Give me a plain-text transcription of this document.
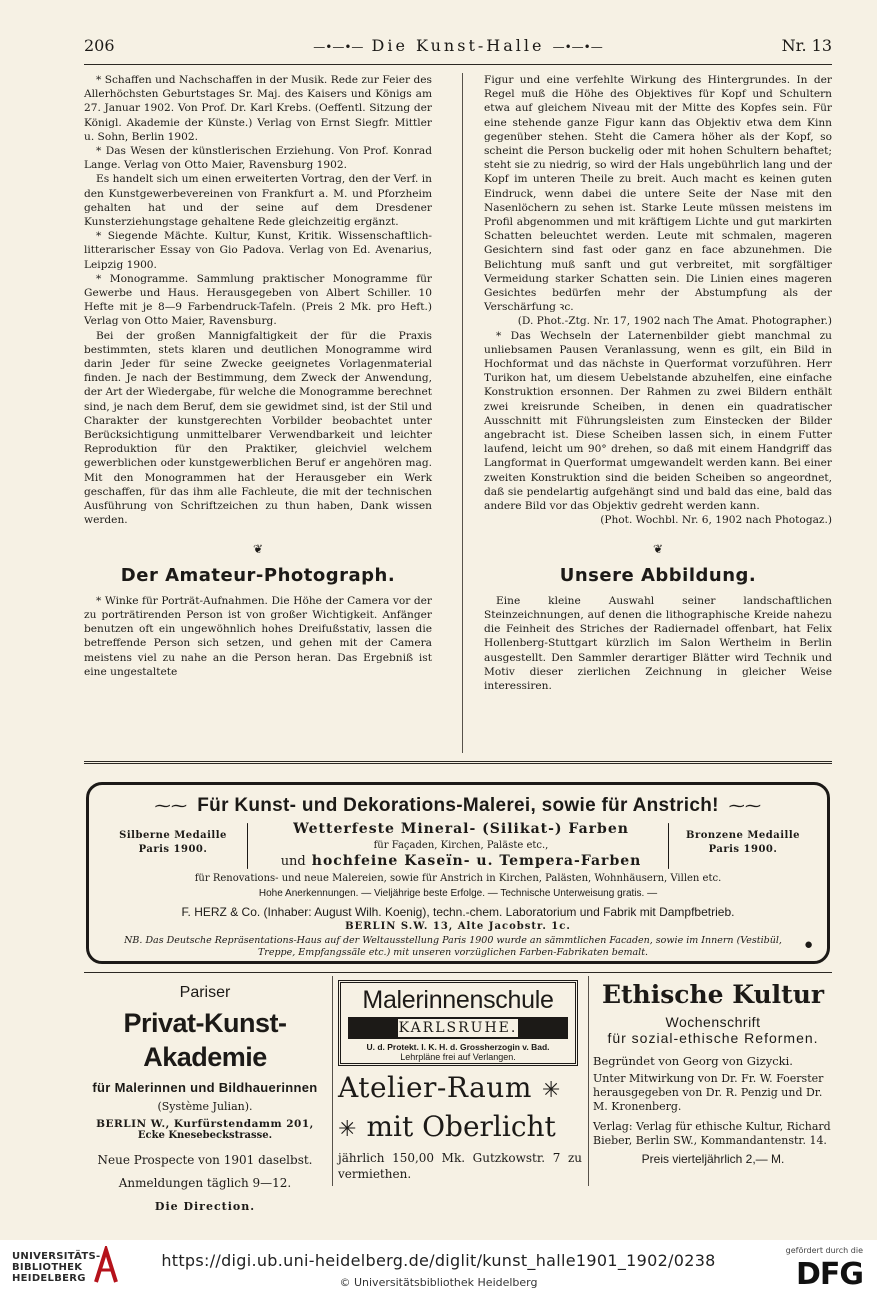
206	—•—•— Die Kunst-Halle —•—•—	Nr. 13

* Schaffen und Nachschaffen in der Musik. Rede zur Feier des Allerhöchsten Geburtstages Sr. Maj. des Kaisers und Königs am 27. Januar 1902. Von Prof. Dr. Karl Krebs. (Oeffentl. Sitzung der Königl. Akademie der Künste.) Verlag von Ernst Siegfr. Mittler u. Sohn, Berlin 1902.

* Das Wesen der künstlerischen Erziehung. Von Prof. Konrad Lange. Verlag von Otto Maier, Ravensburg 1902.

Es handelt sich um einen erweiterten Vortrag, den der Verf. in den Kunstgewerbevereinen von Frankfurt a. M. und Pforzheim gehalten hat und der seine auf dem Dresdener Kunsterziehungstage gehaltene Rede gleichzeitig ergänzt.

* Siegende Mächte. Kultur, Kunst, Kritik. Wissenschaftlich-litterarischer Essay von Gio Padova. Verlag von Ed. Avenarius, Leipzig 1900.

* Monogramme. Sammlung praktischer Monogramme für Gewerbe und Haus. Herausgegeben von Albert Schiller. 10 Hefte mit je 8—9 Farbendruck-Tafeln. (Preis 2 Mk. pro Heft.) Verlag von Otto Maier, Ravensburg.

Bei der großen Mannigfaltigkeit der für die Praxis bestimmten, stets klaren und deutlichen Monogramme wird darin Jeder für seine Zwecke geeignetes Vorlagenmaterial finden. Je nach der Bestimmung, dem Zweck der Anwendung, der Art der Wiedergabe, für welche die Monogramme berechnet sind, je nach dem Beruf, dem sie gewidmet sind, ist der Stil und Charakter der kunstgerechten Vorbilder beobachtet unter Berücksichtigung unmittelbarer Verwendbarkeit und leichter Reproduktion für den Praktiker, gleichviel welchem gewerblichen oder kunstgewerblichen Beruf er angehören mag. Mit den Monogrammen hat der Herausgeber ein Werk geschaffen, für das ihm alle Fachleute, die mit der technischen Ausführung von Schriftzeichen zu thun haben, Dank wissen werden.

❦

Der Amateur-Photograph.

* Winke für Porträt-Aufnahmen. Die Höhe der Camera vor der zu porträtirenden Person ist von großer Wichtigkeit. Anfänger benutzen oft ein ungewöhnlich hohes Dreifußstativ, lassen die betreffende Person sich setzen, und gehen mit der Camera meistens viel zu nahe an die Person heran. Das Ergebniß ist eine ungestaltete

Figur und eine verfehlte Wirkung des Hintergrundes. In der Regel muß die Höhe des Objektives für Kopf und Schultern etwa auf gleichem Niveau mit der Mitte des Kopfes sein. Für eine stehende ganze Figur kann das Objektiv etwa dem Kinn gegenüber stehen. Steht die Camera höher als der Kopf, so scheint die Person buckelig oder mit hohen Schultern behaftet; steht sie zu niedrig, so wird der Hals ungebührlich lang und der Kopf im unteren Theile zu breit. Auch macht es keinen guten Eindruck, wenn dabei die untere Seite der Nase mit den Nasenlöchern zu sehen ist. Starke Leute müssen meistens im Profil abgenommen und mit kräftigem Lichte und gut markirten Schatten beleuchtet werden. Leute mit schmalen, mageren Gesichtern sind fast oder ganz en face abzunehmen. Die Belichtung muß sanft und gut verbreitet, mit sorgfältiger Vermeidung starker Schatten sein. Die Linien eines mageren Gesichtes bedürfen mehr der Abstumpfung als der Verschärfung ꝛc.

(D. Phot.-Ztg. Nr. 17, 1902 nach The Amat. Photographer.)

* Das Wechseln der Laternenbilder giebt manchmal zu unliebsamen Pausen Veranlassung, wenn es gilt, ein Bild in Hochformat und das nächste in Querformat vorzuführen. Herr Turikon hat, um diesem Uebelstande abzuhelfen, eine einfache Konstruktion ersonnen. Der Rahmen zu zwei Bildern enthält zwei kreisrunde Scheiben, in denen ein quadratischer Ausschnitt mit Führungsleisten zum Einstecken der Bilder angebracht ist. Diese Scheiben lassen sich, in einem Futter laufend, leicht um 90° drehen, so daß mit einem Handgriff das Langformat in Querformat umgewandelt werden kann. Bei einer zweiten Konstruktion sind die beiden Scheiben so angeordnet, daß sie pendelartig aufgehängt sind und bald das eine, bald das andere Bild vor das Objektiv gedreht werden kann.

(Phot. Wochbl. Nr. 6, 1902 nach Photogaz.)

❦

Unsere Abbildung.

Eine kleine Auswahl seiner landschaftlichen Steinzeichnungen, auf denen die lithographische Kreide nahezu die Feinheit des Striches der Radiernadel offenbart, hat Felix Hollenberg-Stuttgart kürzlich im Salon Wertheim in Berlin ausgestellt. Den Sammler derartiger Blätter wird Technik und Motiv dieser zierlichen Zeichnung in gleicher Weise interessiren.

⁓⁓ Für Kunst- und Dekorations-Malerei, sowie für Anstrich! ⁓⁓
Silberne Medaille
Paris 1900.
Wetterfeste Mineral- (Silikat-) Farben
für Façaden, Kirchen, Paläste etc.,
und hochfeine Kaseïn- u. Tempera-Farben
Bronzene Medaille
Paris 1900.
für Renovations- und neue Malereien, sowie für Anstrich in Kirchen, Palästen, Wohnhäusern, Villen etc.
Hohe Anerkennungen. — Vieljährige beste Erfolge. — Technische Unterweisung gratis. —
F. HERZ & Co. (Inhaber: August Wilh. Koenig), techn.-chem. Laboratorium und Fabrik mit Dampfbetrieb.
BERLIN S.W. 13, Alte Jacobstr. 1c.
NB. Das Deutsche Repräsentations-Haus auf der Weltausstellung Paris 1900 wurde an sämmtlichen Facaden, sowie im Innern (Vestibül, Treppe, Empfangssäle etc.) mit unseren vorzüglichen Farben-Fabrikaten bemalt.	●
Pariser
Privat-Kunst-Akademie
für Malerinnen und Bildhauerinnen
(Système Julian).
BERLIN W., Kurfürstendamm 201,
Ecke Knesebeckstrasse.
Neue Prospecte von 1901 daselbst.
Anmeldungen täglich 9—12.
Die Direction.
Malerinnenschule
KARLSRUHE.
U. d. Protekt. I. K. H. d. Grossherzogin v. Bad.
Lehrpläne frei auf Verlangen.
Atelier-Raum ✳
✳ mit Oberlicht
jährlich 150,00 Mk. Gutzkowstr. 7 zu vermiethen.
Ethische Kultur
Wochenschrift
für sozial-ethische Reformen.
Begründet von Georg von Gizycki.
Unter Mitwirkung von Dr. Fr. W. Foerster herausgegeben von Dr. R. Penzig und Dr. M. Kronenberg.
Verlag: Verlag für ethische Kultur, Richard Bieber, Berlin SW., Kommandantenstr. 14.
Preis vierteljährlich 2,— M.
UNIVERSITÄTS-BIBLIOTHEK HEIDELBERG
https://digi.ub.uni-heidelberg.de/diglit/kunst_halle1901_1902/0238
© Universitätsbibliothek Heidelberg
gefördert durch die
DFG
